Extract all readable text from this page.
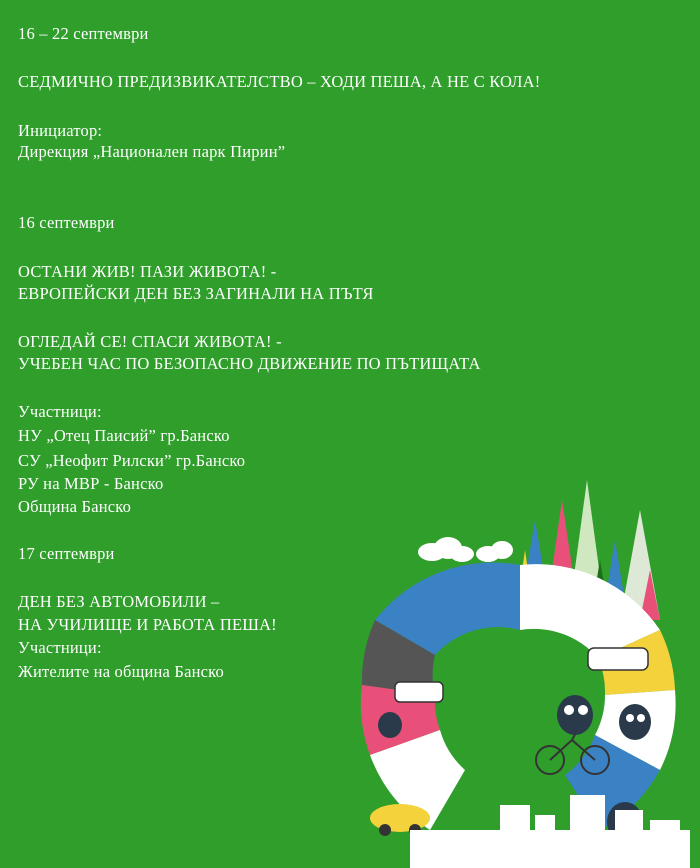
16 – 22 септември
СЕДМИЧНО ПРЕДИЗВИКАТЕЛСТВО – ХОДИ ПЕША, А НЕ С КОЛА!
Инициатор:
Дирекция „Национален парк Пирин”
16 септември
ОСТАНИ ЖИВ! ПАЗИ ЖИВОТА! -
ЕВРОПЕЙСКИ ДЕН БЕЗ ЗАГИНАЛИ НА ПЪТЯ
ОГЛЕДАЙ СЕ! СПАСИ ЖИВОТА! -
УЧЕБЕН ЧАС ПО БЕЗОПАСНО ДВИЖЕНИЕ ПО ПЪТИЩАТА
Участници:
НУ „Отец Паисий” гр.Банско
СУ „Неофит Рилски” гр.Банско
РУ на МВР - Банско
Община Банско
17 септември
ДЕН БЕЗ АВТОМОБИЛИ –
НА УЧИЛИЩЕ И РАБОТА ПЕША!
Участници:
Жителите на община Банско
